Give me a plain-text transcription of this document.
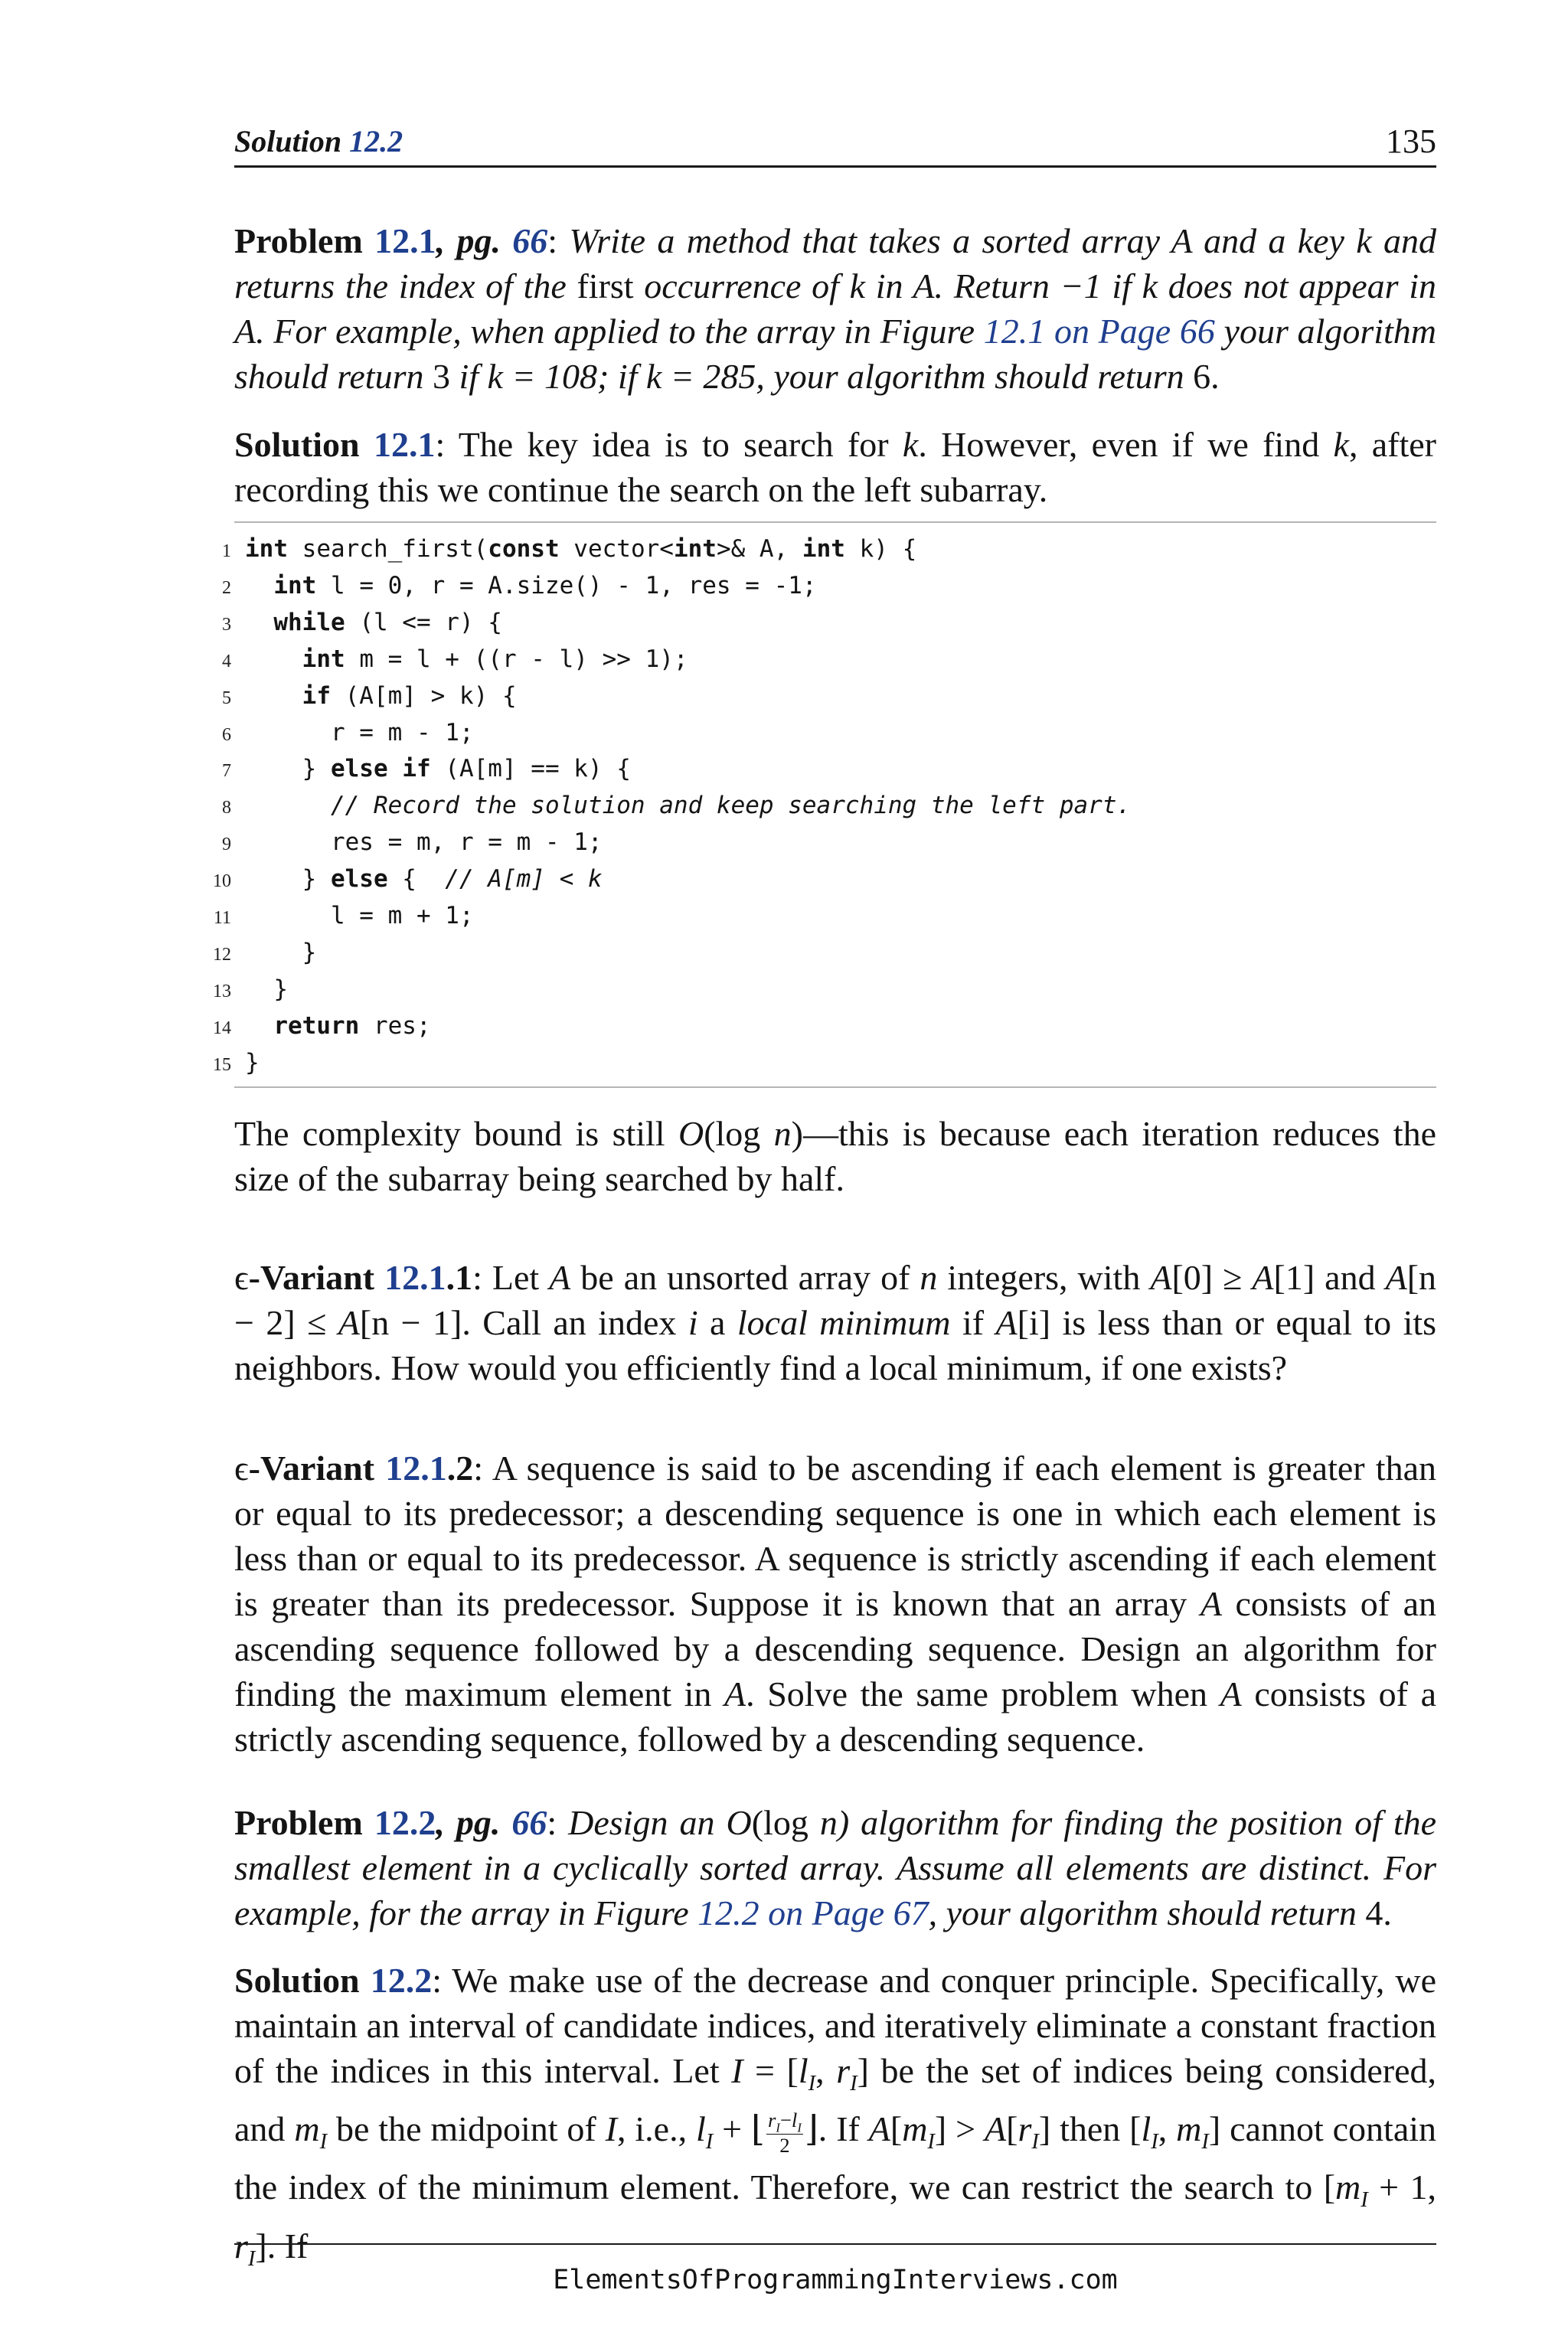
Solution 12.2	135

Problem 12.1, pg. 66: Write a method that takes a sorted array A and a key k and returns the index of the first occurrence of k in A. Return −1 if k does not appear in A. For example, when applied to the array in Figure 12.1 on Page 66 your algorithm should return 3 if k = 108; if k = 285, your algorithm should return 6.

Solution 12.1: The key idea is to search for k. However, even if we find k, after recording this we continue the search on the left subarray.

1 int search_first(const vector<int>& A, int k) {
2 int l = 0, r = A.size() - 1, res = -1;
3 while (l <= r) {
4	int m = l + ((r - l) >> 1);
5	if (A[m] > k) {
6      r = m - 1;
7    } else if (A[m] == k) {
8	// Record the solution and keep searching the left part.
9      res = m, r = m - 1;
10    } else {  // A[m] < k
11      l = m + 1;
12    }
13  }
14 return res;
15 }

The complexity bound is still O(log n)—this is because each iteration reduces the size of the subarray being searched by half.

ϵ-Variant 12.1.1: Let A be an unsorted array of n integers, with A[0] ≥ A[1] and A[n − 2] ≤ A[n − 1]. Call an index i a local minimum if A[i] is less than or equal to its neighbors. How would you efficiently find a local minimum, if one exists?

ϵ-Variant 12.1.2: A sequence is said to be ascending if each element is greater than or equal to its predecessor; a descending sequence is one in which each element is less than or equal to its predecessor. A sequence is strictly ascending if each element is greater than its predecessor. Suppose it is known that an array A consists of an ascending sequence followed by a descending sequence. Design an algorithm for finding the maximum element in A. Solve the same problem when A consists of a strictly ascending sequence, followed by a descending sequence.

Problem 12.2, pg. 66: Design an O(log n) algorithm for finding the position of the smallest element in a cyclically sorted array. Assume all elements are distinct. For example, for the array in Figure 12.2 on Page 67, your algorithm should return 4.

Solution 12.2: We make use of the decrease and conquer principle. Specifically, we maintain an interval of candidate indices, and iteratively eliminate a constant fraction of the indices in this interval. Let $I = [l_I$, $r_I$] be the set of indices being considered, and $m_I$ be the midpoint of I, i.e., $l_I$ + ⌊ $\frac{r_I-l_I}{2}$ ⌋. If $A[m_I] > A[r_I]$ then [$l_I$, $m_I$] cannot contain the index of the minimum element. Therefore, we can restrict the search to [$m_I + 1$, $r_I$]. If

ElementsOfProgrammingInterviews.com
